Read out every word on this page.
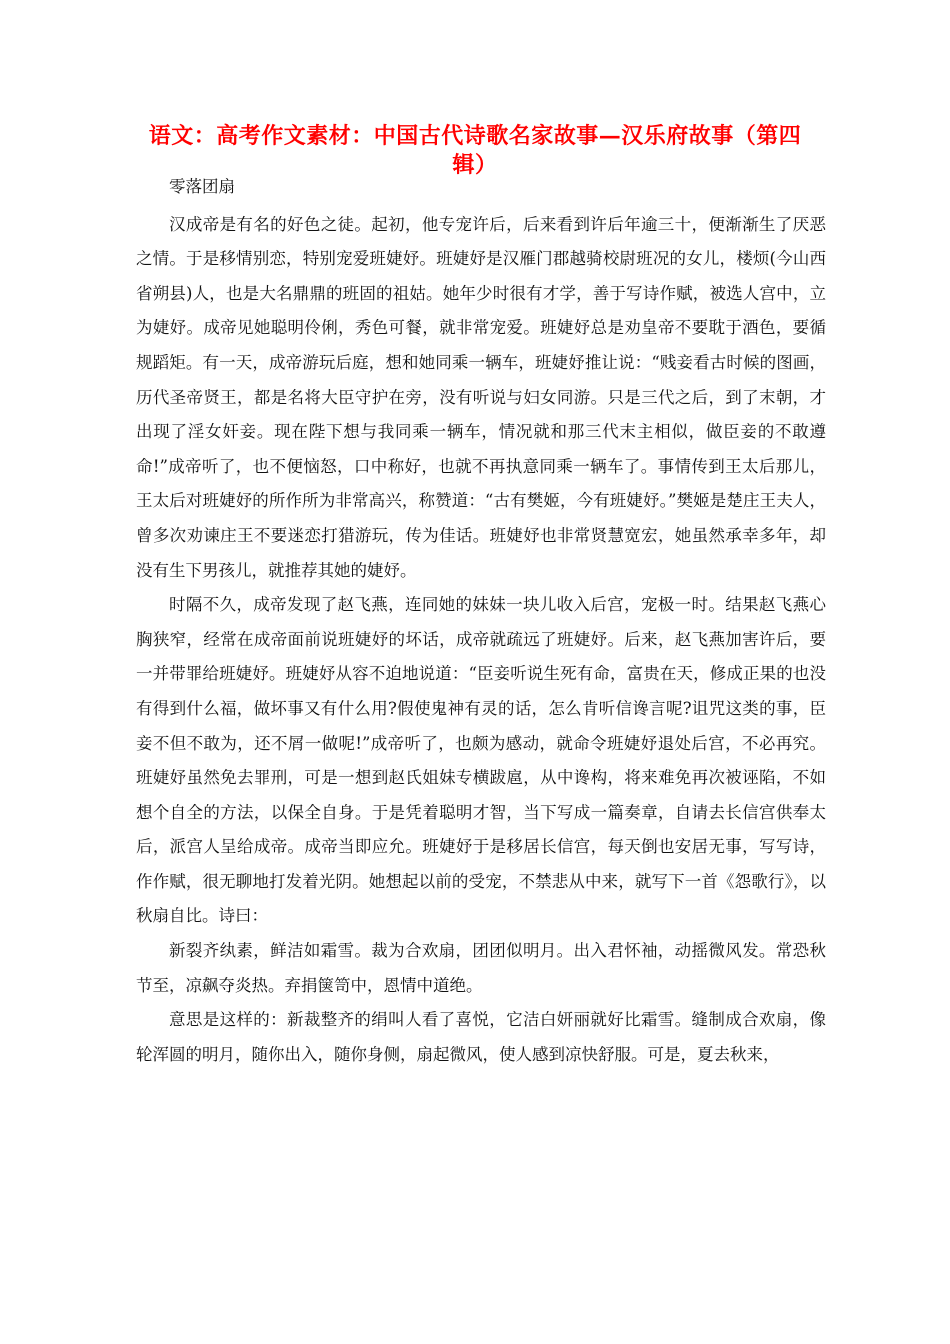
语文：高考作文素材：中国古代诗歌名家故事—汉乐府故事（第四辑）

零落团扇

汉成帝是有名的好色之徒。起初，他专宠许后，后来看到许后年逾三十，便渐渐生了厌恶之情。于是移情别恋，特别宠爱班婕妤。班婕妤是汉雁门郡越骑校尉班况的女儿，楼烦(今山西省朔县)人，也是大名鼎鼎的班固的祖姑。她年少时很有才学，善于写诗作赋，被选人宫中，立为婕妤。成帝见她聪明伶俐，秀色可餐，就非常宠爱。班婕妤总是劝皇帝不要耽于酒色，要循规蹈矩。有一天，成帝游玩后庭，想和她同乘一辆车，班婕妤推让说：“贱妾看古时候的图画，历代圣帝贤王，都是名将大臣守护在旁，没有听说与妇女同游。只是三代之后，到了末朝，才出现了淫女奸妾。现在陛下想与我同乘一辆车，情况就和那三代末主相似，做臣妾的不敢遵命!”成帝听了，也不便恼怒，口中称好，也就不再执意同乘一辆车了。事情传到王太后那儿，王太后对班婕妤的所作所为非常高兴，称赞道：“古有樊姬，今有班婕妤。”樊姬是楚庄王夫人，曾多次劝谏庄王不要迷恋打猎游玩，传为佳话。班婕妤也非常贤慧宽宏，她虽然承幸多年，却没有生下男孩儿，就推荐其她的婕妤。

时隔不久，成帝发现了赵飞燕，连同她的妹妹一块儿收入后宫，宠极一时。结果赵飞燕心胸狭窄，经常在成帝面前说班婕妤的坏话，成帝就疏远了班婕妤。后来，赵飞燕加害许后，要一并带罪给班婕妤。班婕妤从容不迫地说道：“臣妾听说生死有命，富贵在天，修成正果的也没有得到什么福，做坏事又有什么用?假使鬼神有灵的话，怎么肯听信谗言呢?诅咒这类的事，臣妾不但不敢为，还不屑一做呢!”成帝听了，也颇为感动，就命令班婕妤退处后宫，不必再究。班婕妤虽然免去罪刑，可是一想到赵氏姐妹专横跋扈，从中谗构，将来难免再次被诬陷，不如想个自全的方法，以保全自身。于是凭着聪明才智，当下写成一篇奏章，自请去长信宫供奉太后，派宫人呈给成帝。成帝当即应允。班婕妤于是移居长信宫，每天倒也安居无事，写写诗，作作赋，很无聊地打发着光阴。她想起以前的受宠，不禁悲从中来，就写下一首《怨歌行》，以秋扇自比。诗曰：

新裂齐纨素，鲜洁如霜雪。裁为合欢扇，团团似明月。出入君怀袖，动摇微风发。常恐秋节至，凉飙夺炎热。弃捐箧笥中，恩情中道绝。

意思是这样的：新裁整齐的绢叫人看了喜悦，它洁白妍丽就好比霜雪。缝制成合欢扇，像轮浑圆的明月，随你出入，随你身侧，扇起微风，使人感到凉快舒服。可是，夏去秋来，
